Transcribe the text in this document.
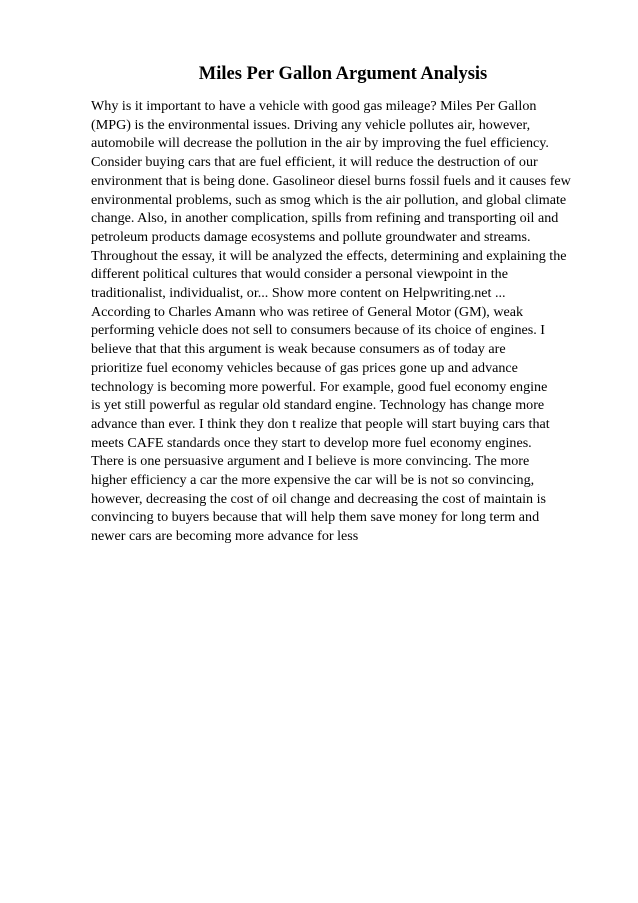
Miles Per Gallon Argument Analysis
Why is it important to have a vehicle with good gas mileage? Miles Per Gallon
(MPG) is the environmental issues. Driving any vehicle pollutes air, however,
automobile will decrease the pollution in the air by improving the fuel efficiency.
Consider buying cars that are fuel efficient, it will reduce the destruction of our
environment that is being done. Gasolineor diesel burns fossil fuels and it causes few
environmental problems, such as smog which is the air pollution, and global climate
change. Also, in another complication, spills from refining and transporting oil and
petroleum products damage ecosystems and pollute groundwater and streams.
Throughout the essay, it will be analyzed the effects, determining and explaining the
different political cultures that would consider a personal viewpoint in the
traditionalist, individualist, or... Show more content on Helpwriting.net ...
According to Charles Amann who was retiree of General Motor (GM), weak
performing vehicle does not sell to consumers because of its choice of engines. I
believe that that this argument is weak because consumers as of today are
prioritize fuel economy vehicles because of gas prices gone up and advance
technology is becoming more powerful. For example, good fuel economy engine
is yet still powerful as regular old standard engine. Technology has change more
advance than ever. I think they don t realize that people will start buying cars that
meets CAFE standards once they start to develop more fuel economy engines.
There is one persuasive argument and I believe is more convincing. The more
higher efficiency a car the more expensive the car will be is not so convincing,
however, decreasing the cost of oil change and decreasing the cost of maintain is
convincing to buyers because that will help them save money for long term and
newer cars are becoming more advance for less
